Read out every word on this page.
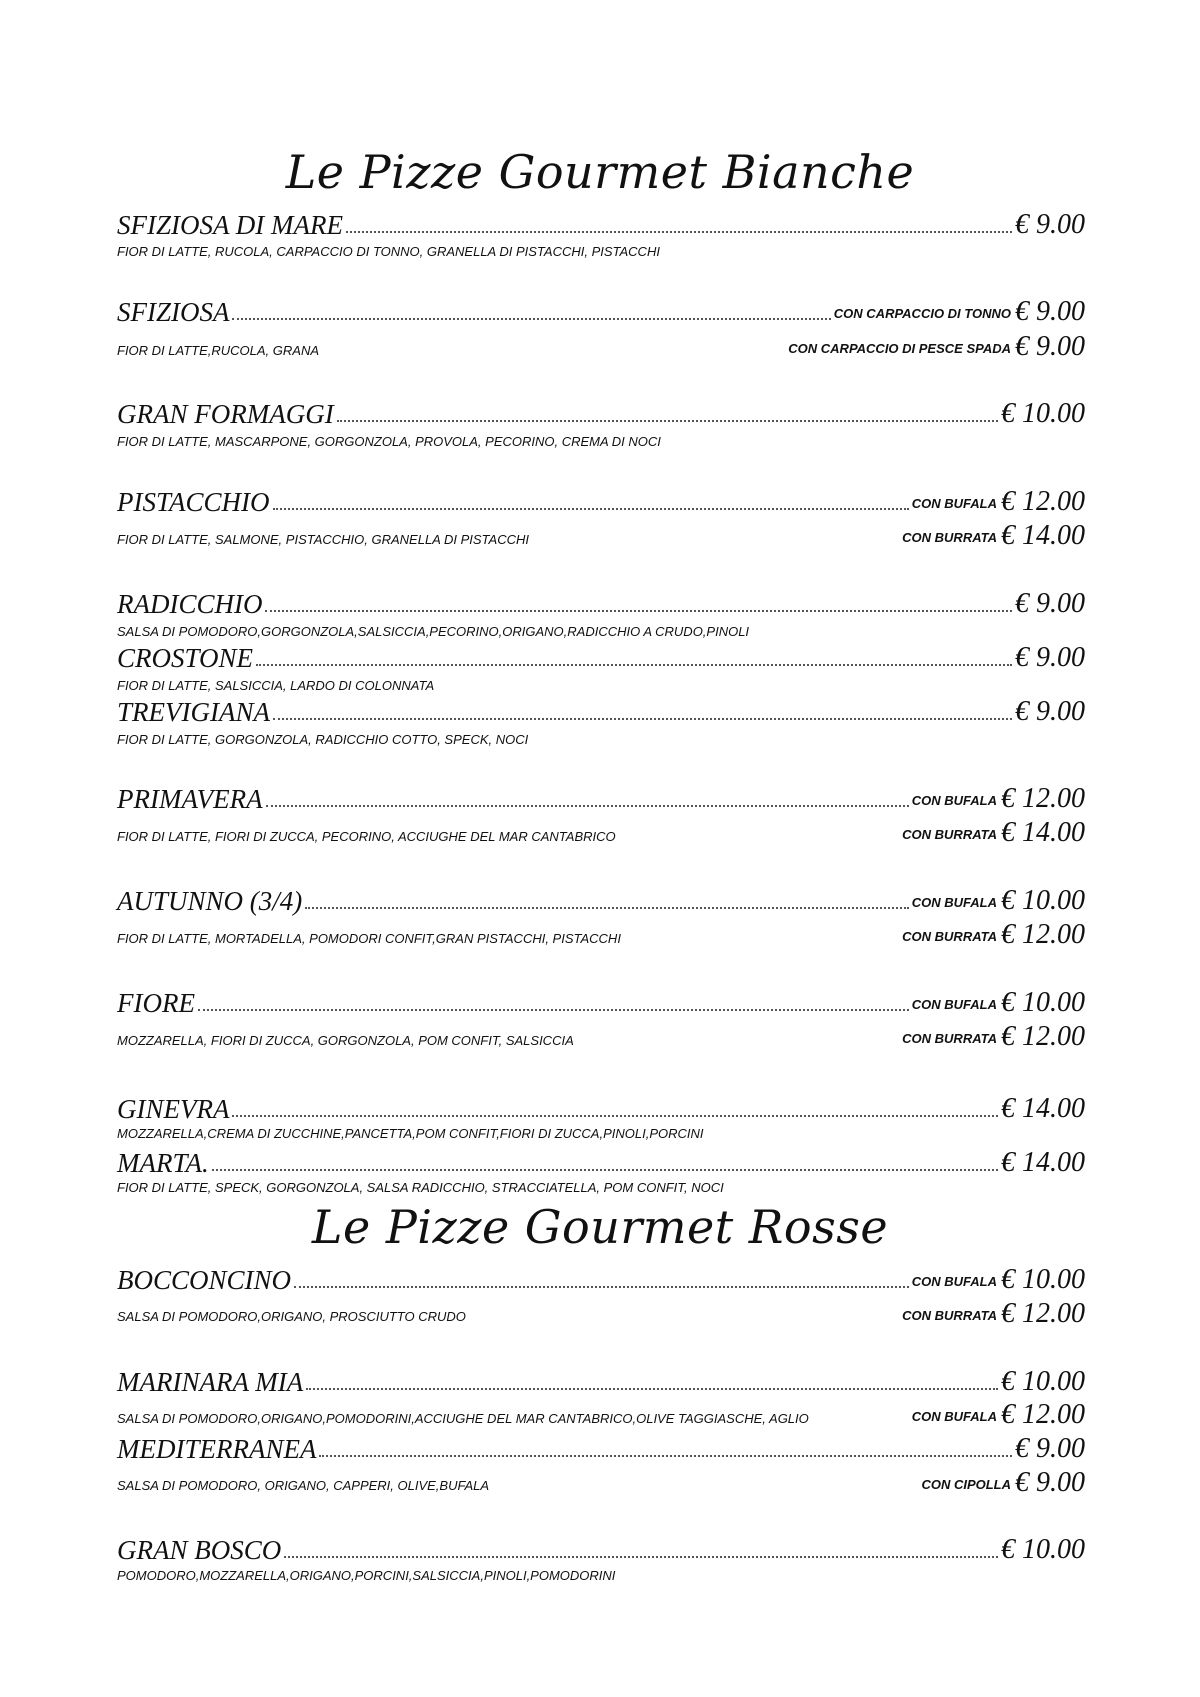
Le Pizze Gourmet Bianche
SFIZIOSA DI MARE	€ 9.00
FIOR DI LATTE, RUCOLA, CARPACCIO DI TONNO, GRANELLA DI PISTACCHI, PISTACCHI
SFIZIOSA	CON CARPACCIO DI TONNO € 9.00
FIOR DI LATTE,RUCOLA, GRANA	CON CARPACCIO DI PESCE SPADA € 9.00
GRAN FORMAGGI	€ 10.00
FIOR DI LATTE, MASCARPONE, GORGONZOLA, PROVOLA, PECORINO, CREMA DI NOCI
PISTACCHIO	CON BUFALA € 12.00
FIOR DI LATTE, SALMONE, PISTACCHIO, GRANELLA DI PISTACCHI	CON BURRATA € 14.00
RADICCHIO	€ 9.00
SALSA DI POMODORO,GORGONZOLA,SALSICCIA,PECORINO,ORIGANO,RADICCHIO A CRUDO,PINOLI
CROSTONE	€ 9.00
FIOR DI LATTE, SALSICCIA, LARDO DI COLONNATA
TREVIGIANA	€ 9.00
FIOR DI LATTE, GORGONZOLA, RADICCHIO COTTO, SPECK, NOCI
PRIMAVERA	CON BUFALA € 12.00
FIOR DI LATTE, FIORI DI ZUCCA, PECORINO, ACCIUGHE DEL MAR CANTABRICO	CON BURRATA € 14.00
AUTUNNO (3/4)	CON BUFALA € 10.00
FIOR DI LATTE, MORTADELLA, POMODORI CONFIT,GRAN PISTACCHI, PISTACCHI	CON BURRATA € 12.00
FIORE	CON BUFALA € 10.00
MOZZARELLA, FIORI DI ZUCCA, GORGONZOLA, POM CONFIT, SALSICCIA	CON BURRATA € 12.00
GINEVRA	€ 14.00
MOZZARELLA,CREMA DI ZUCCHINE,PANCETTA,POM CONFIT,FIORI DI ZUCCA,PINOLI,PORCINI
MARTA.	€ 14.00
FIOR DI LATTE, SPECK, GORGONZOLA, SALSA RADICCHIO, STRACCIATELLA, POM CONFIT, NOCI
Le Pizze Gourmet Rosse
BOCCONCINO	CON BUFALA € 10.00
SALSA DI POMODORO,ORIGANO, PROSCIUTTO CRUDO	CON BURRATA € 12.00
MARINARA MIA	€ 10.00
SALSA DI POMODORO,ORIGANO,POMODORINI,ACCIUGHE DEL MAR CANTABRICO,OLIVE TAGGIASCHE, AGLIO	CON BUFALA € 12.00
MEDITERRANEA	€ 9.00
SALSA DI POMODORO, ORIGANO, CAPPERI, OLIVE,BUFALA	CON CIPOLLA € 9.00
GRAN BOSCO	€ 10.00
POMODORO,MOZZARELLA,ORIGANO,PORCINI,SALSICCIA,PINOLI,POMODORINI
